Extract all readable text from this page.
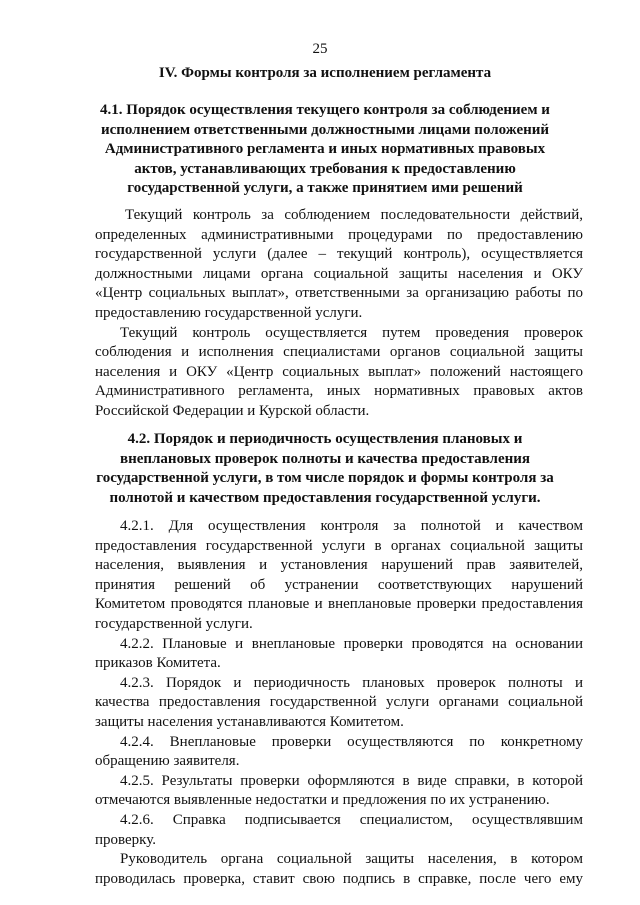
25
IV. Формы контроля за исполнением регламента
4.1. Порядок осуществления текущего контроля за соблюдением и
исполнением ответственными должностными лицами положений
Административного регламента и иных нормативных правовых
актов, устанавливающих требования к предоставлению
государственной услуги, а также принятием ими решений

Текущий контроль за соблюдением последовательности действий,
определенных административными процедурами по предоставлению
государственной услуги (далее – текущий контроль), осуществляется
должностными лицами органа социальной защиты населения и ОКУ
«Центр социальных выплат», ответственными за организацию работы по
предоставлению государственной услуги.

Текущий контроль осуществляется путем проведения проверок
соблюдения и исполнения специалистами органов социальной защиты
населения и ОКУ «Центр социальных выплат» положений настоящего
Административного регламента, иных нормативных правовых актов
Российской Федерации и Курской области.

4.2. Порядок и периодичность осуществления плановых и
внеплановых проверок полноты и качества предоставления
государственной услуги, в том числе порядок и формы контроля за
полнотой и качеством предоставления государственной услуги.

4.2.1. Для осуществления контроля за полнотой и качеством
предоставления государственной услуги в органах социальной защиты
населения, выявления и установления нарушений прав заявителей,
принятия решений об устранении соответствующих нарушений
Комитетом проводятся плановые и внеплановые проверки предоставления
государственной услуги.

4.2.2. Плановые и внеплановые проверки проводятся на основании
приказов Комитета.

4.2.3. Порядок и периодичность плановых проверок полноты и
качества предоставления государственной услуги органами социальной
защиты населения устанавливаются Комитетом.

4.2.4. Внеплановые проверки осуществляются по конкретному
обращению заявителя.

4.2.5. Результаты проверки оформляются в виде справки, в которой
отмечаются выявленные недостатки и предложения по их устранению.

4.2.6. Справка подписывается специалистом, осуществлявшим
проверку.

Руководитель органа социальной защиты населения, в котором
проводилась проверка, ставит свою подпись в справке, после чего ему
